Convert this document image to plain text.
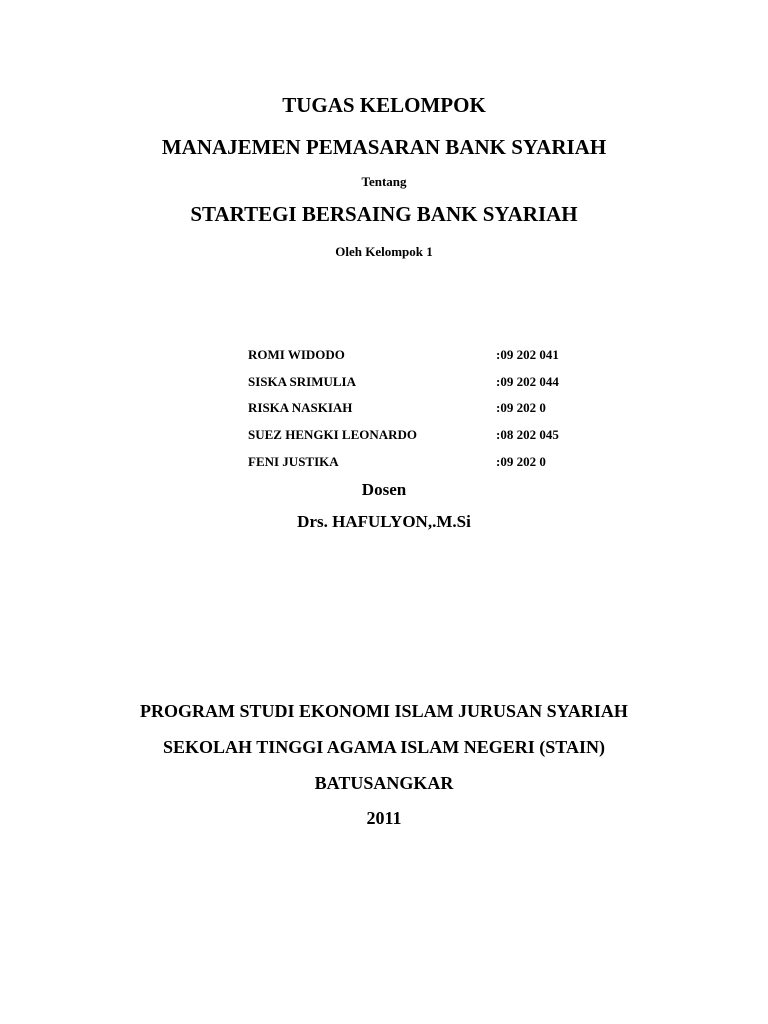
TUGAS KELOMPOK
MANAJEMEN PEMASARAN BANK SYARIAH
Tentang
STARTEGI BERSAING BANK SYARIAH
Oleh Kelompok 1
ROMI WIDODO	:09 202 041
SISKA SRIMULIA	:09 202 044
RISKA NASKIAH	:09 202 0
SUEZ HENGKI LEONARDO	:08 202 045
FENI JUSTIKA	:09 202 0
Dosen
Drs. HAFULYON,.M.Si
PROGRAM STUDI EKONOMI ISLAM JURUSAN SYARIAH
SEKOLAH TINGGI AGAMA ISLAM NEGERI (STAIN)
BATUSANGKAR
2011
